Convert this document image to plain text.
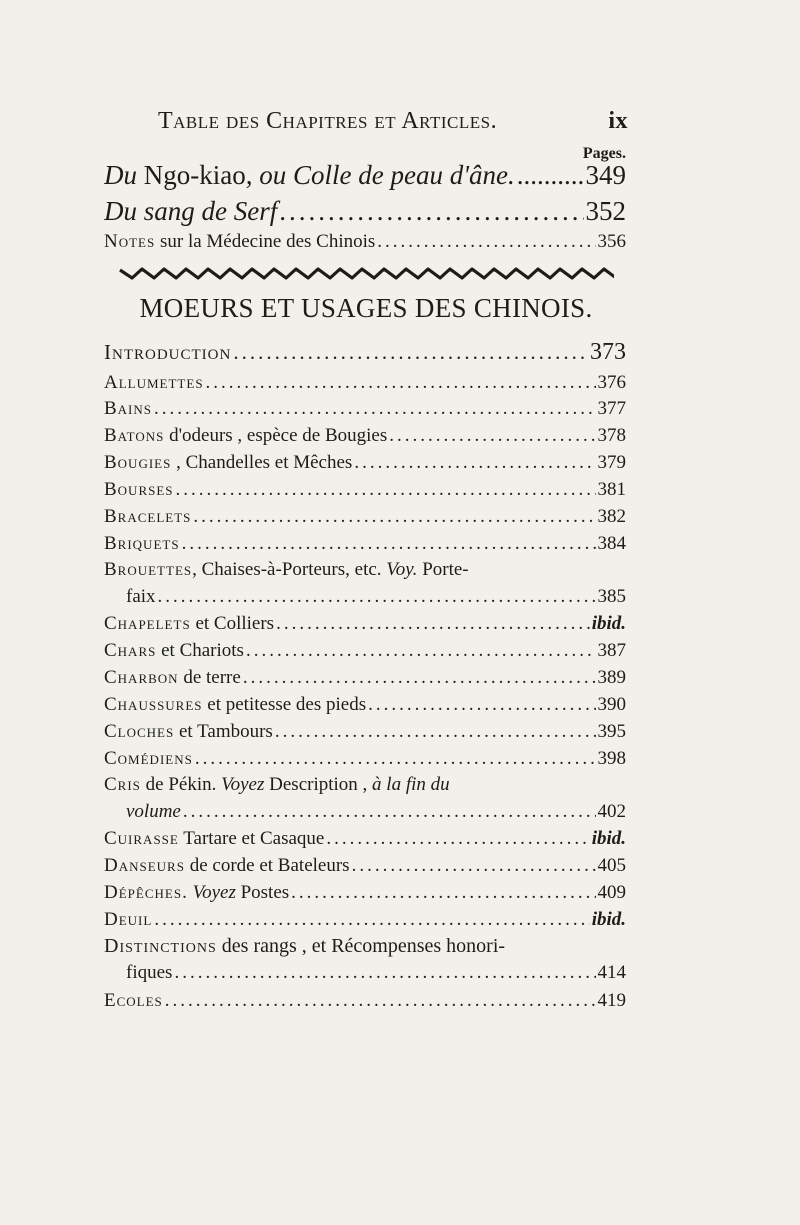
Table des Chapitres et Articles.	ix
Pages.
Du Ngo-kiao, ou Colle de peau d'âne. .....	349
Du sang de Serf .....	352
Notes sur la Médecine des Chinois .....	356
MOEURS ET USAGES DES CHINOIS.
Introduction .....	373
Allumettes .....	376
Bains .....	377
Batons d'odeurs , espèce de Bougies .....	378
Bougies , Chandelles et Mêches .....	379
Bourses .....	381
Bracelets .....	382
Briquets .....	384
Brouettes, Chaises-à-Porteurs, etc. Voy. Porte-
faix .....	385
Chapelets et Colliers .....	ibid.
Chars et Chariots .....	387
Charbon de terre .....	389
Chaussures et petitesse des pieds .....	390
Cloches et Tambours .....	395
Comédiens .....	398
Cris de Pékin. Voyez Description , à la fin du
volume .....	402
Cuirasse Tartare et Casaque .....	ibid.
Danseurs de corde et Bateleurs .....	405
Dépêches. Voyez Postes .....	409
Deuil .....	ibid.
Distinctions des rangs , et Récompenses honori-
fiques .....	414
Ecoles .....	419
